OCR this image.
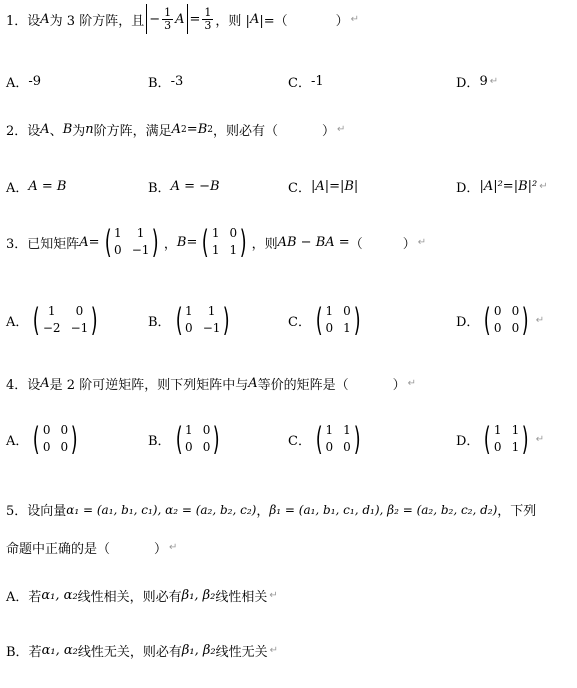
1．设 A 为 3 阶方阵，且 − $\frac{1}{3}$ $A = \frac{1}{3}$ ，则 | A |=（	） ↵
A． -9	B． -3	C． -1	D． 9 ↵
2．设 A 、 B 为 n 阶方阵，满足 A 2 = B 2 ，则必有（	） ↵
A． A = B	B． A = −B	C． |A|=|B|	D． |A|²=|B|² ↵
3．已知矩阵 A= ( 1	1
0 −1 ) ， B= ( 1 0
1 1 ) ，则 AB − BA = （	） ↵
A． ( 1	0
−2 −1 )	B． ( 1	1
0 −1 )	C． ( 1 0
0 1 )	D． ( 0 0
0 0 ) ↵
4．设 A 是 2 阶可逆矩阵，则下列矩阵中与 A 等价的矩阵是（	） ↵
A． ( 0 0
0 0 )	B． ( 1 0
0 0 )	C． ( 1 1
0 0 )	D． ( 1 1
0 1 ) ↵
5．设向量 α₁ = (a₁, b₁, c₁), α₂ = (a₂, b₂, c₂) ， β₁ = (a₁, b₁, c₁, d₁), β₂ = (a₂, b₂, c₂, d₂) ，下列
命题中正确的是（	） ↵
A． 若 α₁, α₂ 线性相关，则必有 β₁, β₂ 线性相关 ↵
B． 若 α₁, α₂ 线性无关，则必有 β₁, β₂ 线性无关 ↵
